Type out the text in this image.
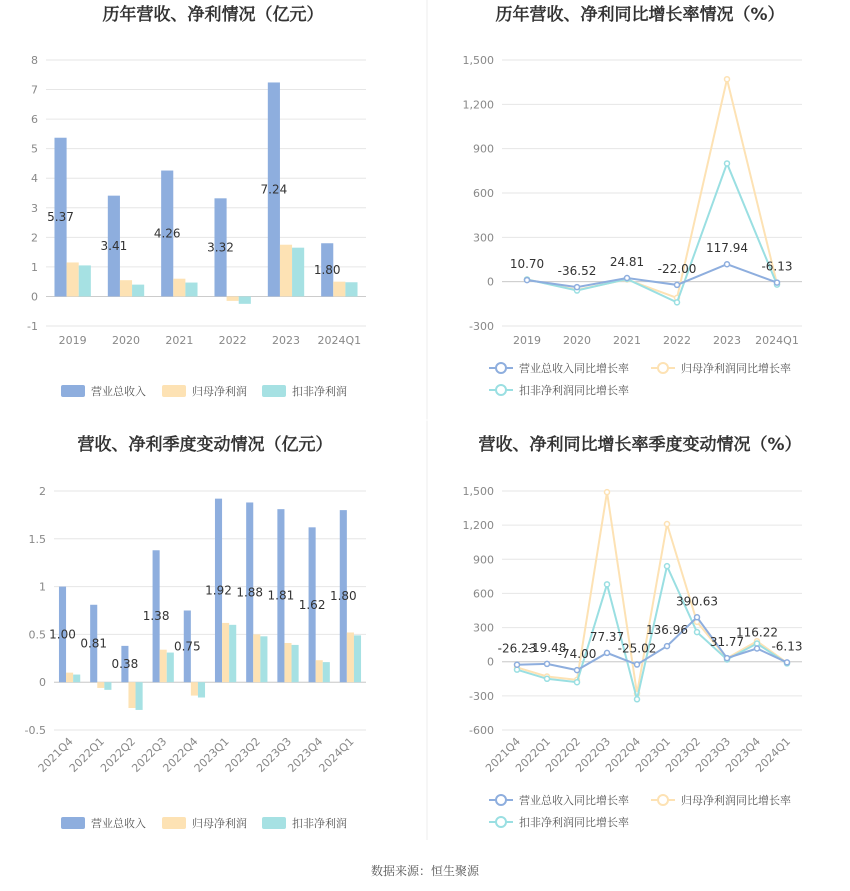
历年营收、净利情况（亿元）
-1
0
1
2
3
4
5
6
7
8
2019 2020 2021 2022 2023 2024Q1
5.37
3.41
4.26
3.32
7.24
1.80
营业总收入	归母净利润	扣非净利润
历年营收、净利同比增长率情况（%）
-300
0
300
600
900
1,200
1,500
2019 2020 2021 2022 2023 2024Q1
10.70 -36.52
24.81 -22.00
117.94
-6.13
营业总收入同比增长率	归母净利润同比增长率
扣非净利润同比增长率
营收、净利季度变动情况（亿元）
-0.5
0
0.5
1
1.5
2
2021Q4
2022Q1
2022Q2
2022Q3
2022Q4
2023Q1
2023Q2
2023Q3
2023Q4
2024Q1
1.00
0.81
0.38
1.38
0.75
1.92 1.88 1.81
1.62
1.80
营业总收入	归母净利润	扣非净利润
营收、净利同比增长率季度变动情况（%）
-600
-300
0
300
600
900
1,200
1,500
2021Q4
2022Q1
2022Q2
2022Q3
2022Q4
2023Q1
2023Q2
2023Q3
2023Q4
2024Q1
-26.23
-19.48
-74.00
77.37
-25.02
136.96
390.63
31.77
116.22
-6.13
营业总收入同比增长率	归母净利润同比增长率
扣非净利润同比增长率
数据来源：恒生聚源
